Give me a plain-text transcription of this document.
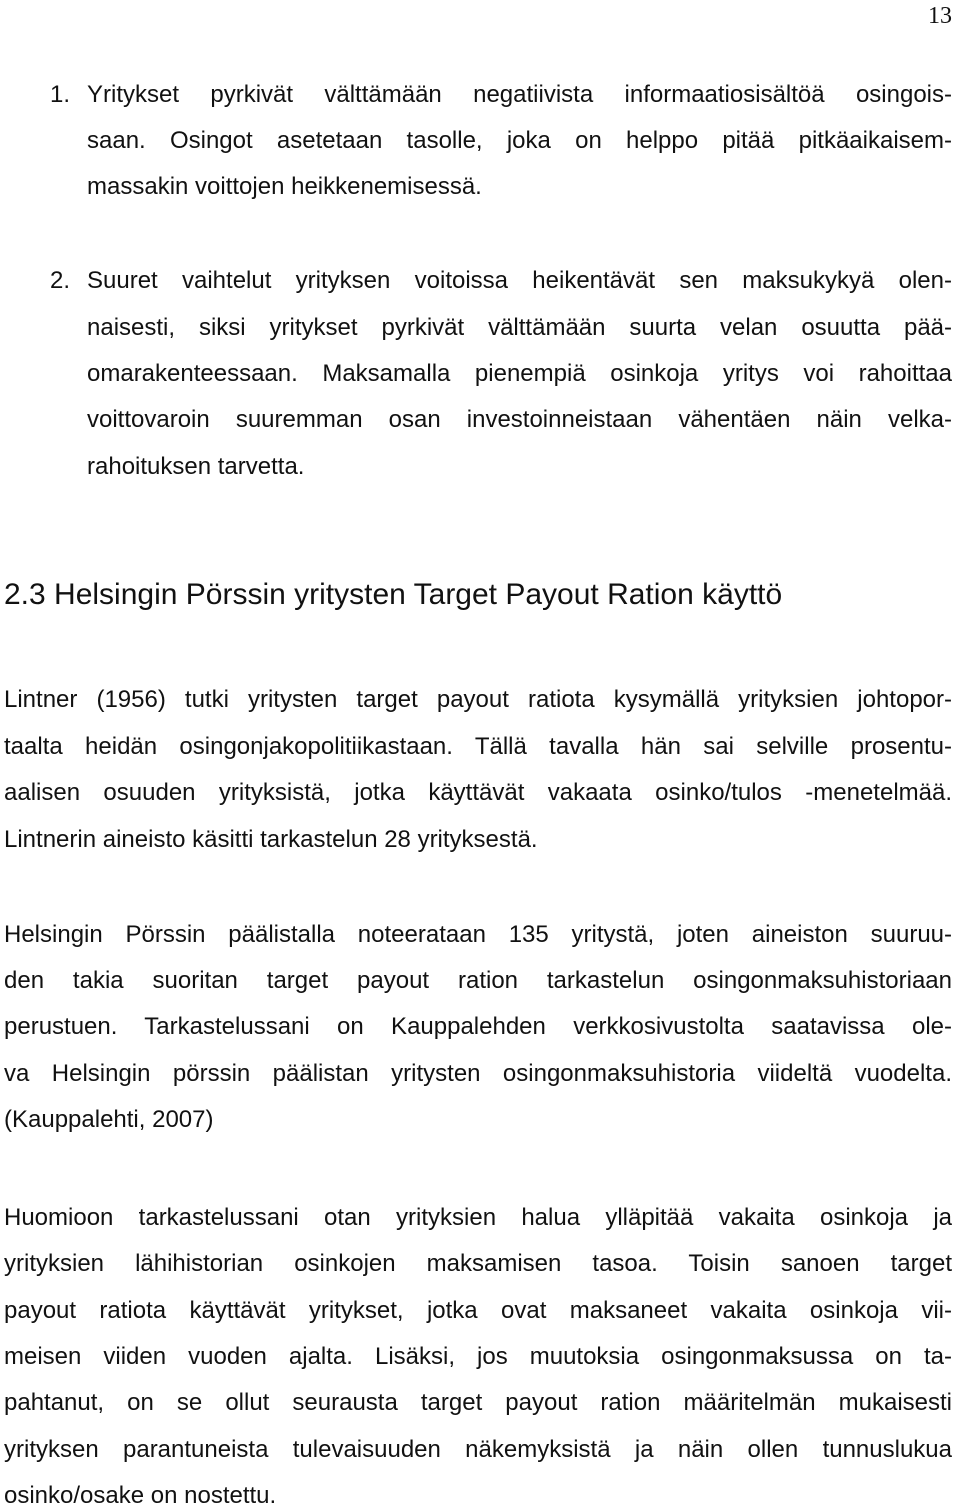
13
1. Yritykset pyrkivät välttämään negatiivista informaatiosisältöä osingois-
saan. Osingot asetetaan tasolle, joka on helppo pitää pitkäaikaisem-
massakin voittojen heikkenemisessä.
2. Suuret vaihtelut yrityksen voitoissa heikentävät sen maksukykyä olen-
naisesti, siksi yritykset pyrkivät välttämään suurta velan osuutta pää-
omarakenteessaan. Maksamalla pienempiä osinkoja yritys voi rahoittaa
voittovaroin suuremman osan investoinneistaan vähentäen näin velka-
rahoituksen tarvetta.
2.3 Helsingin Pörssin yritysten Target Payout Ration käyttö
Lintner (1956) tutki yritysten target payout ratiota kysymällä yrityksien johtopor-
taalta heidän osingonjakopolitiikastaan. Tällä tavalla hän sai selville prosentu-
aalisen osuuden yrityksistä, jotka käyttävät vakaata osinko/tulos -menetelmää.
Lintnerin aineisto käsitti tarkastelun 28 yrityksestä.
Helsingin Pörssin päälistalla noteerataan 135 yritystä, joten aineiston suuruu-
den takia suoritan target payout ration tarkastelun osingonmaksuhistoriaan
perustuen. Tarkastelussani on Kauppalehden verkkosivustolta saatavissa ole-
va Helsingin pörssin päälistan yritysten osingonmaksuhistoria viideltä vuodelta.
(Kauppalehti, 2007)
Huomioon tarkastelussani otan yrityksien halua ylläpitää vakaita osinkoja ja
yrityksien lähihistorian osinkojen maksamisen tasoa. Toisin sanoen target
payout ratiota käyttävät yritykset, jotka ovat maksaneet vakaita osinkoja vii-
meisen viiden vuoden ajalta. Lisäksi, jos muutoksia osingonmaksussa on ta-
pahtanut, on se ollut seurausta target payout ration määritelmän mukaisesti
yrityksen parantuneista tulevaisuuden näkemyksistä ja näin ollen tunnuslukua
osinko/osake on nostettu.
